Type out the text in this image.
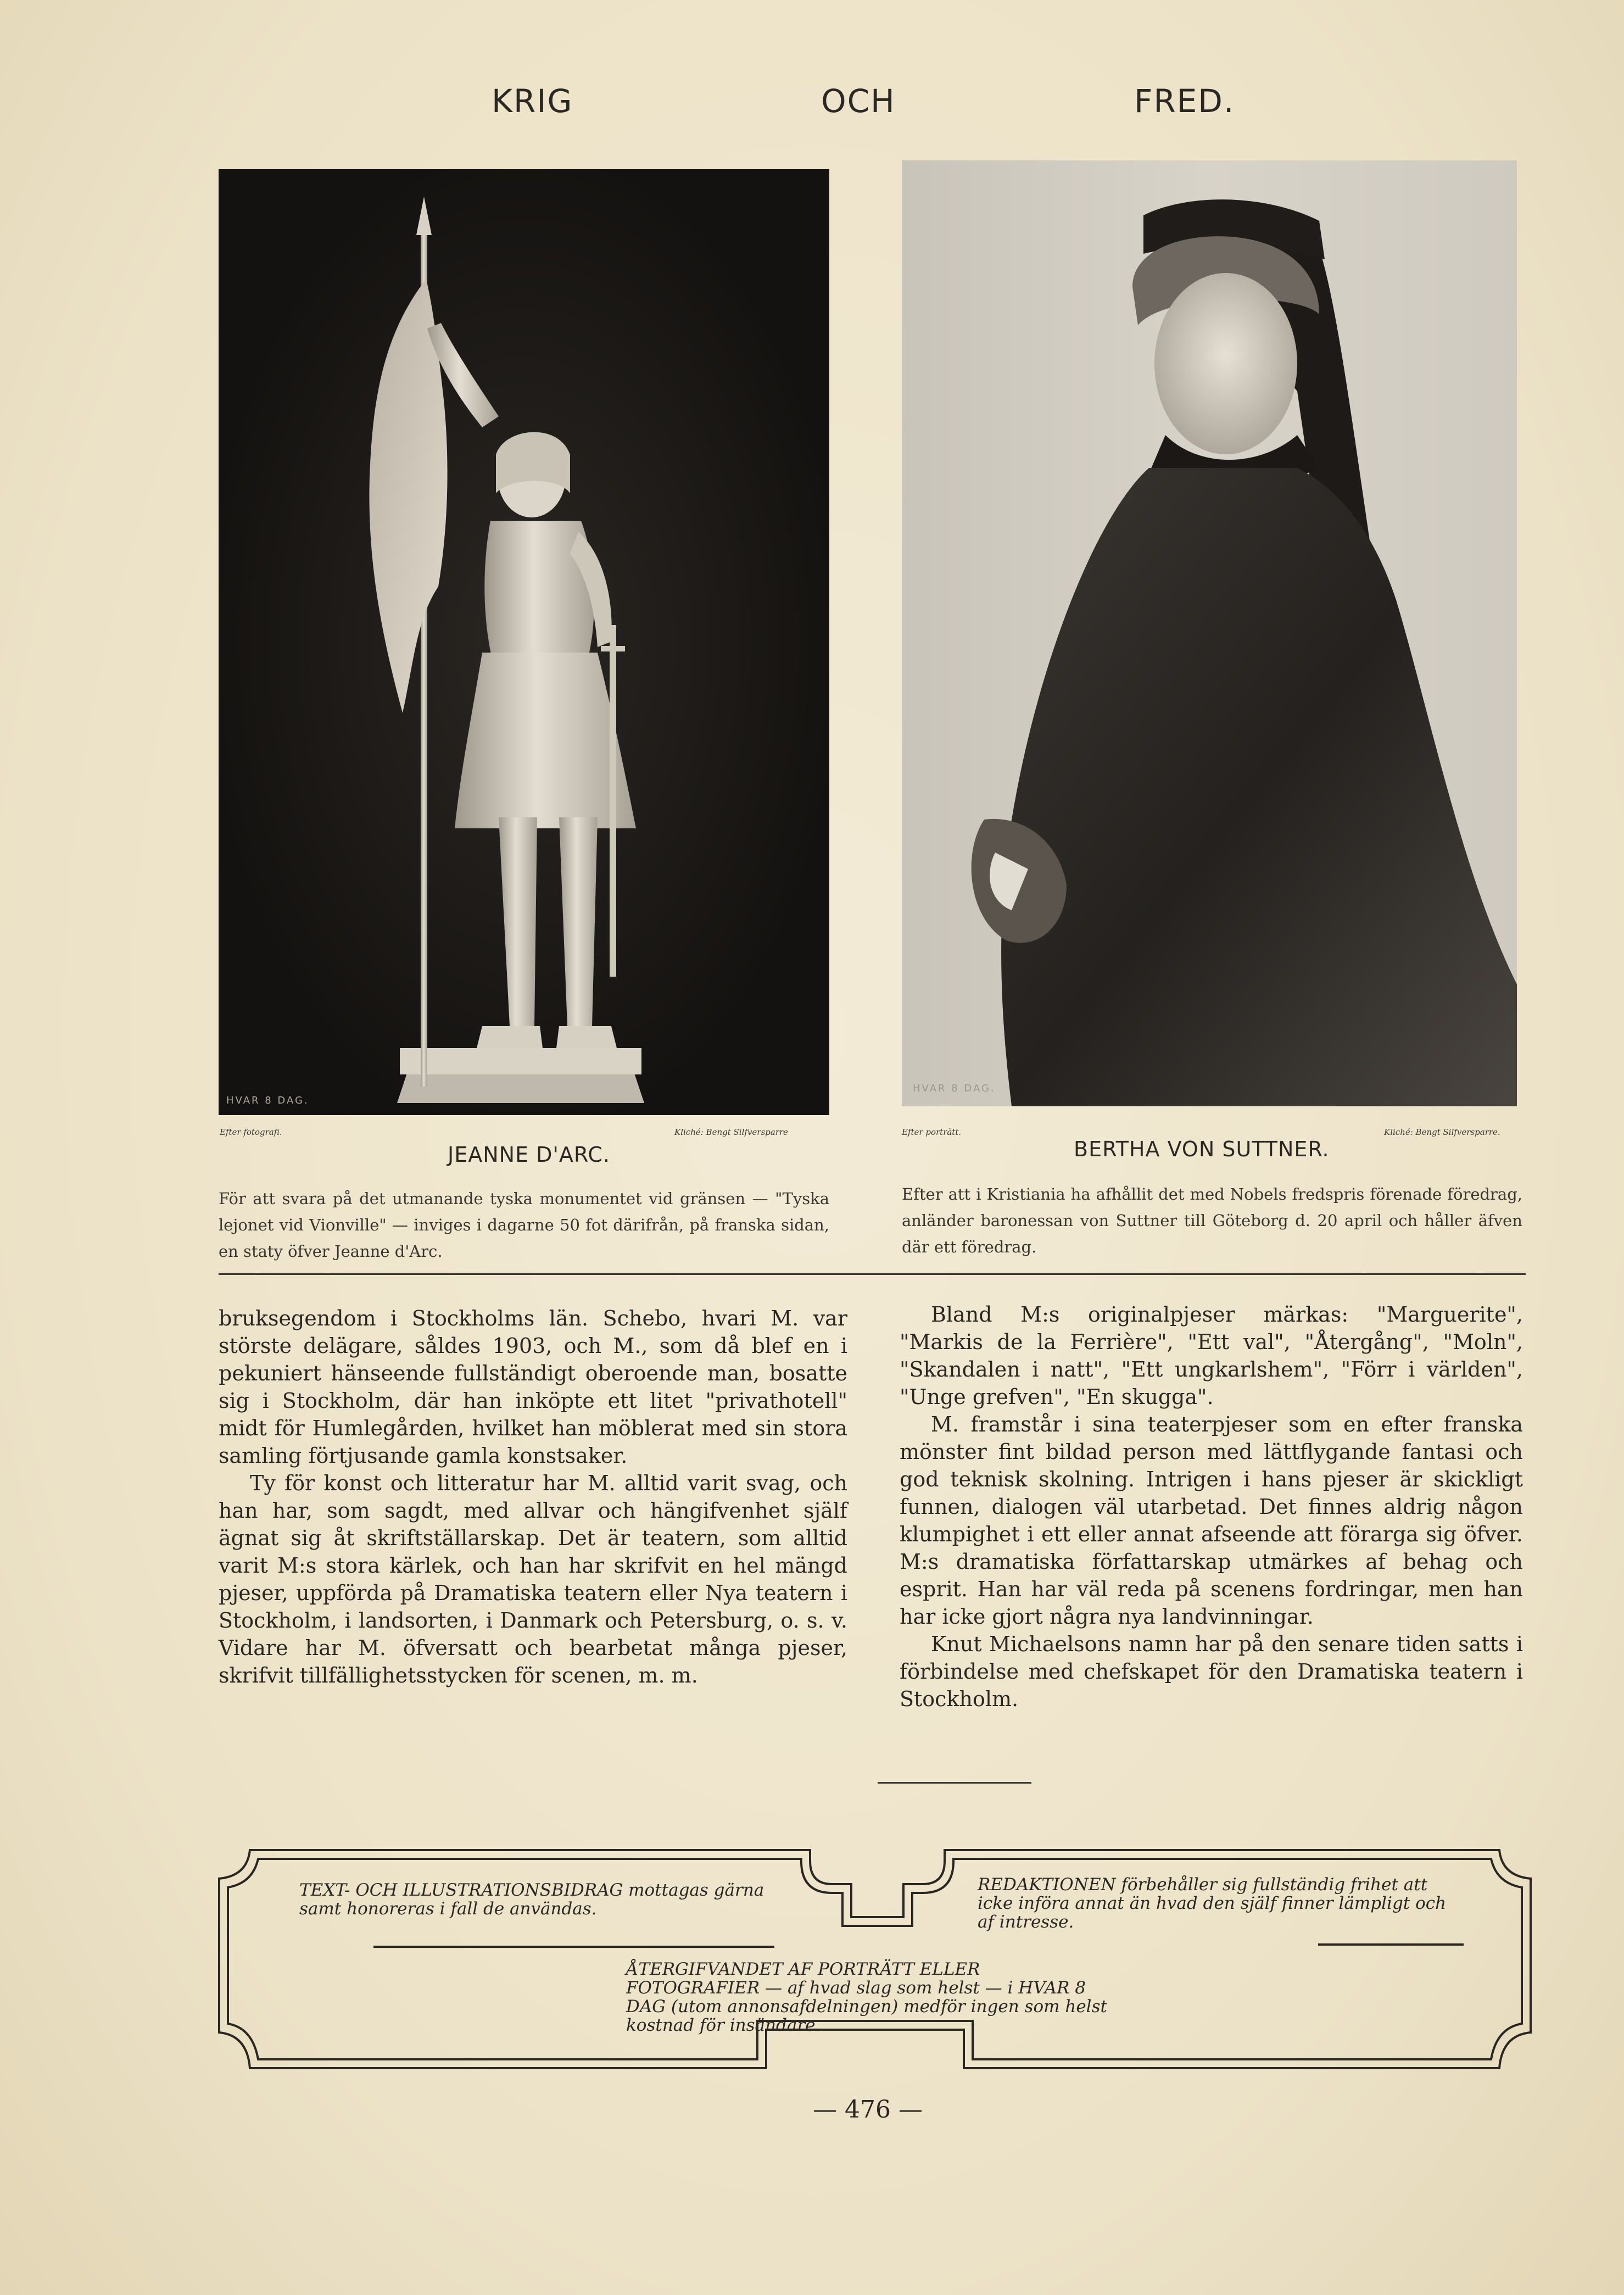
KRIG	OCH	FRED.
HVAR 8 DAG.
HVAR 8 DAG.
Efter fotografi.	Kliché: Bengt Silfversparre	Efter porträtt.	Kliché: Bengt Silfversparre.
JEANNE D'ARC.	BERTHA VON SUTTNER.
För att svara på det utmanande tyska monumentet vid gränsen — "Tyska lejonet vid Vionville" — inviges i dagarne 50 fot därifrån, på franska sidan, en staty öfver Jeanne d'Arc.
Efter att i Kristiania ha afhållit det med Nobels fredspris förenade föredrag, anländer baronessan von Suttner till Göteborg d. 20 april och håller äfven där ett föredrag.

bruksegendom i Stockholms län. Schebo, hvari M. var störste delägare, såldes 1903, och M., som då blef en i pekuniert hänseende fullständigt oberoende man, bosatte sig i Stockholm, där han inköpte ett litet "privathotell" midt för Humlegården, hvilket han möblerat med sin stora samling förtjusande gamla konstsaker.

Ty för konst och litteratur har M. alltid varit svag, och han har, som sagdt, med allvar och hängifvenhet själf ägnat sig åt skriftställarskap. Det är teatern, som alltid varit M:s stora kärlek, och han har skrifvit en hel mängd pjeser, uppförda på Dramatiska teatern eller Nya teatern i Stockholm, i landsorten, i Danmark och Petersburg, o. s. v. Vidare har M. öfversatt och bearbetat många pjeser, skrifvit tillfällighetsstycken för scenen, m. m.

Bland M:s originalpjeser märkas: "Marguerite", "Markis de la Ferrière", "Ett val", "Återgång", "Moln", "Skandalen i natt", "Ett ungkarlshem", "Förr i världen", "Unge grefven", "En skugga".

M. framstår i sina teaterpjeser som en efter franska mönster fint bildad person med lättflygande fantasi och god teknisk skolning. Intrigen i hans pjeser är skickligt funnen, dialogen väl utarbetad. Det finnes aldrig någon klumpighet i ett eller annat afseende att förarga sig öfver. M:s dramatiska författarskap utmärkes af behag och esprit. Han har väl reda på scenens fordringar, men han har icke gjort några nya landvinningar.

Knut Michaelsons namn har på den senare tiden satts i förbindelse med chefskapet för den Dramatiska teatern i Stockholm.

TEXT- OCH ILLUSTRATIONSBIDRAG mottagas gärna samt honoreras i fall de användas.
REDAKTIONEN förbehåller sig fullständig frihet att icke införa annat än hvad den själf finner lämpligt och af intresse.
ÅTERGIFVANDET AF PORTRÄTT ELLER FOTOGRAFIER — af hvad slag som helst — i HVAR 8 DAG (utom annonsafdelningen) medför ingen som helst kostnad för insändare.
— 476 —
